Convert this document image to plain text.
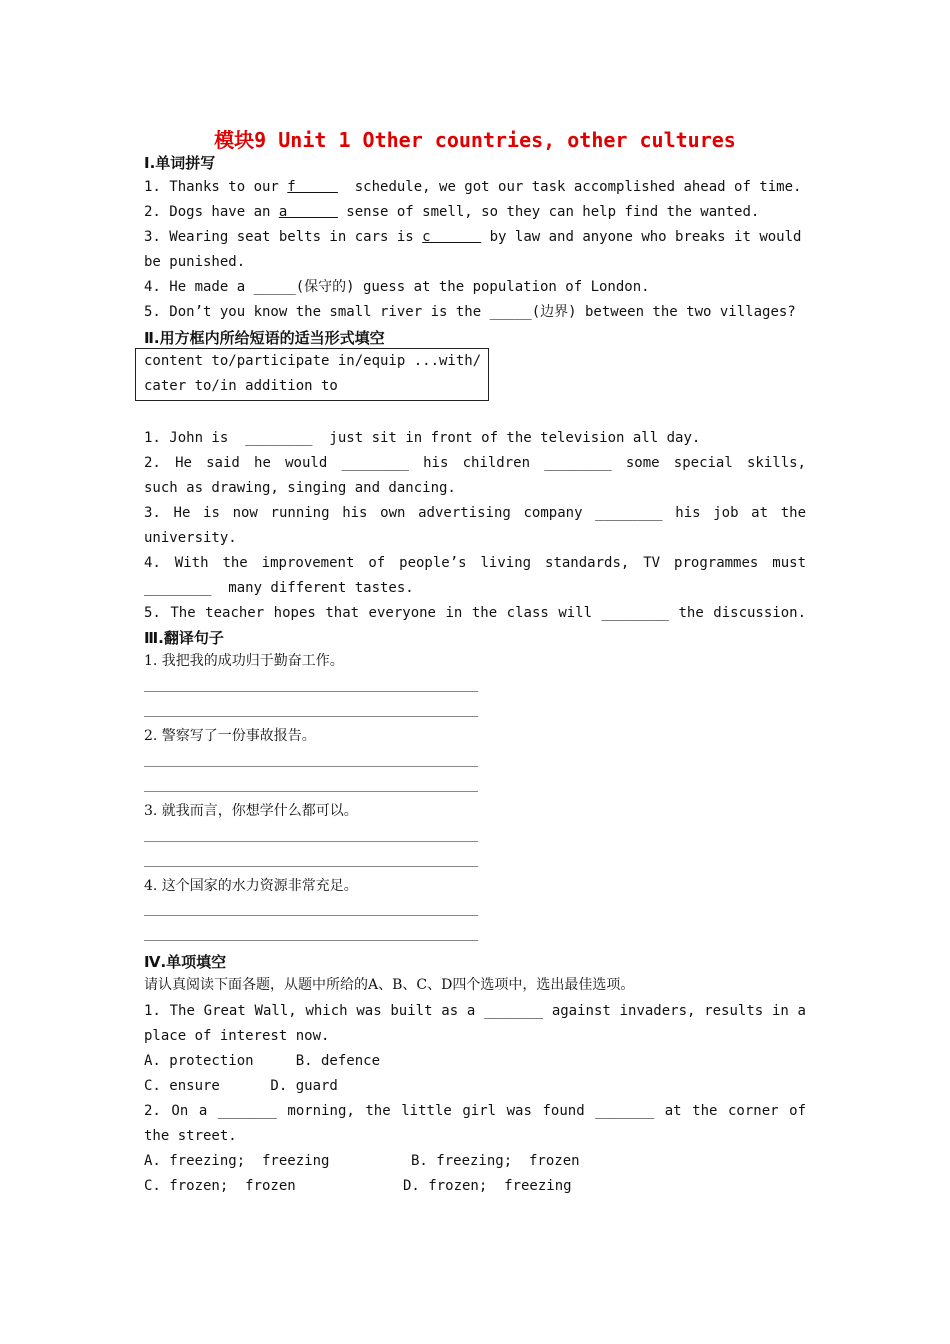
模块9 Unit 1 Other countries, other cultures
Ⅰ.单词拼写
1. Thanks to our f       schedule, we got our task accomplished ahead of time.
2. Dogs have an a       sense of smell, so they can help find the wanted.
3. Wearing seat belts in cars is c       by law and anyone who breaks it would
be punished.
4. He made a _____(保守的) guess at the population of London.
5. Don’t you know the small river is the _____(边界) between the two villages?
Ⅱ.用方框内所给短语的适当形式填空
content to/participate in/equip ...with/
cater to/in addition to
1. John is  ________  just sit in front of the television all day.
2. He said he would ________ his children ________ some special skills,
such as drawing, singing and dancing.
3. He is now running his own advertising company ________ his job at the
university.
4. With the improvement of people’s living standards, TV programmes must
________  many different tastes.
5. The teacher hopes that everyone in the class will ________ the discussion.
Ⅲ.翻译句子
1. 我把我的成功归于勤奋工作。
2. 警察写了一份事故报告。
3. 就我而言，你想学什么都可以。
4. 这个国家的水力资源非常充足。
Ⅳ.单项填空
请认真阅读下面各题，从题中所给的A、B、C、D四个选项中，选出最佳选项。
1. The Great Wall, which was built as a _______ against invaders, results in a
place of interest now.
A. protection     B. defence
C. ensure      D. guard
2. On a _______ morning, the little girl was found _______ at the corner of
the street.
A. freezing;  freezing	B. freezing;  frozen
C. frozen;  frozen	D. frozen;  freezing
